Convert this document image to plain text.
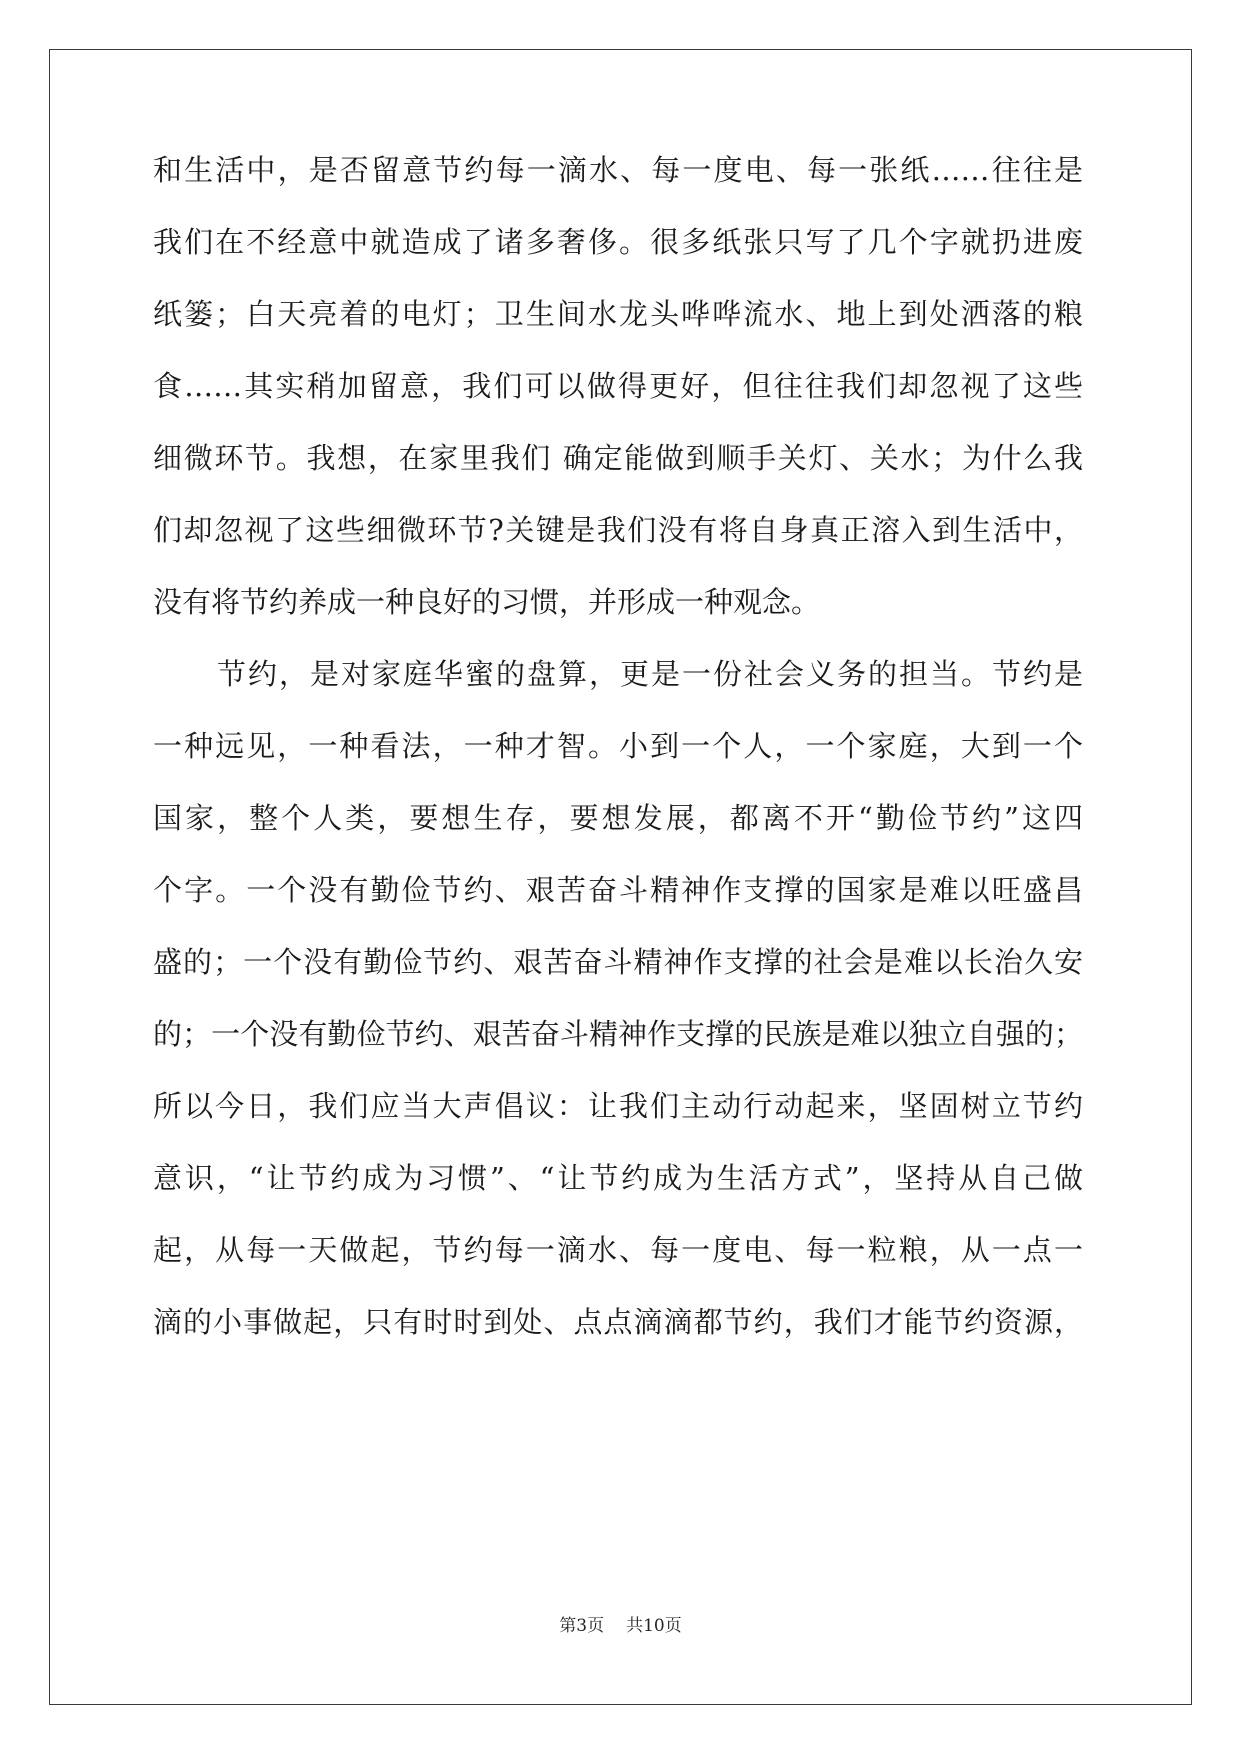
和生活中，是否留意节约每一滴水、每一度电、每一张纸……往往是
我们在不经意中就造成了诸多奢侈。很多纸张只写了几个字就扔进废
纸篓；白天亮着的电灯；卫生间水龙头哗哗流水、地上到处洒落的粮
食……其实稍加留意，我们可以做得更好，但往往我们却忽视了这些
细微环节。我想，在家里我们 确定能做到顺手关灯、关水；为什么我
们却忽视了这些细微环节?关键是我们没有将自身真正溶入到生活中，
没有将节约养成一种良好的习惯，并形成一种观念。
节约，是对家庭华蜜的盘算，更是一份社会义务的担当。节约是
一种远见，一种看法，一种才智。小到一个人，一个家庭，大到一个
国家，整个人类，要想生存，要想发展，都离不开“勤俭节约”这四
个字。一个没有勤俭节约、艰苦奋斗精神作支撑的国家是难以旺盛昌
盛的；一个没有勤俭节约、艰苦奋斗精神作支撑的社会是难以长治久安
的；一个没有勤俭节约、艰苦奋斗精神作支撑的民族是难以独立自强的；
所以今日，我们应当大声倡议：让我们主动行动起来，坚固树立节约
意识，“让节约成为习惯”、“让节约成为生活方式”，坚持从自己做
起，从每一天做起，节约每一滴水、每一度电、每一粒粮，从一点一
滴的小事做起，只有时时到处、点点滴滴都节约，我们才能节约资源，
第3页 共10页
